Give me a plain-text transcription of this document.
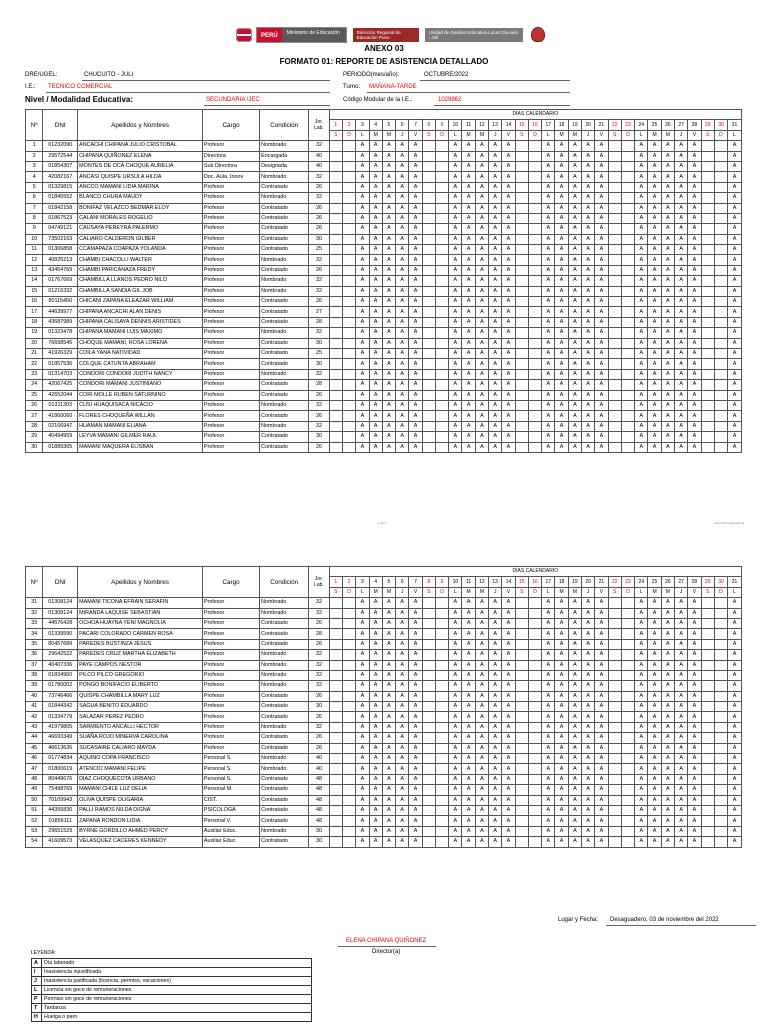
PERÚ	Ministerio de Educación	Dirección Regional de Educación Puno
Unidad de Gestión Educativa Local Chucuito - Juli
ANEXO 03
FORMATO 01: REPORTE DE ASISTENCIA DETALLADO
DRE/UGEL:	CHUCUITO - JULI
I.E.: TECNICO COMERCIAL
Nivel / Modalidad Educativa:	SECUNDARIA /JEC
PERIODO(mes/año):	OCTUBRE/2022
Turno: MAÑANA-TARDE
Código Modular de la I.E.:	1029862
Nº	DNI	Apellidos y Nombres	Cargo	Condición	Jor. Lab.	DÍAS CALENDARIO																														
						1	2	3	4	5	6	7	8	9	10	11	12	13	14	15	16	17	18	19	20	21	22	23	24	25	26	27	28	29	30	31
						S	D	L	M	M	J	V	S	D	L	M	M	J	V	S	D	L	M	M	J	V	S	D	L	M	M	J	V	S	D	L
1	01232090	ANCACHI CHIPANA JULIO CRISTOBAL	Profesor	Nombrado	32			A	A	A	A	A			A	A	A	A	A			A	A	A	A	A			A	A	A	A	A			A
2	29572544	CHIPANA QUIÑONEZ ELENA	Directora	Encargada	40			A	A	A	A	A			A	A	A	A	A			A	A	A	A	A			A	A	A	A	A			A
3	01854307	MONTES DE OCA CHOQUE AURELIA	Sub Directora	Designada	40			A	A	A	A	A			A	A	A	A	A			A	A	A	A	A			A	A	A	A	A			A
4	42082167	ANCASI QUISPE URSULA HILDA	Doc. Aula. Innov	Nombrado	32			A	A	A	A	A			A	A	A	A	A			A	A	A	A	A			A	A	A	A	A			A
5	01329815	ANCCO MAMANI LIDIA MARINA	Profesor	Contratado	26			A	A	A	A	A			A	A	A	A	A			A	A	A	A	A			A	A	A	A	A			A
6	01845552	BLANCO CHURA MAUDY	Profesor	Nombrado	32			A	A	A	A	A			A	A	A	A	A			A	A	A	A	A			A	A	A	A	A			A
7	01842158	BONIFAZ VELAZCO BEDMAR ELOY	Profesor	Contratado	26			A	A	A	A	A			A	A	A	A	A			A	A	A	A	A			A	A	A	A	A			A
8	01867523	CALANI MORALES ROGELIO	Profesor	Contratado	26			A	A	A	A	A			A	A	A	A	A			A	A	A	A	A			A	A	A	A	A			A
9	04749121	CAUSAYA PEREYRA PALERMO	Profesor	Contratado	26			A	A	A	A	A			A	A	A	A	A			A	A	A	A	A			A	A	A	A	A			A
10	73502163	CALIARO CALDERON GILBER	Profesor	Contratado	30			A	A	A	A	A			A	A	A	A	A			A	A	A	A	A			A	A	A	A	A			A
11	01306858	CCAMAPAZA COAPAZA YOLANDA	Profesor	Contratado	25			A	A	A	A	A			A	A	A	A	A			A	A	A	A	A			A	A	A	A	A			A
12	40826213	CHAMBI CHACOLLI WALTER	Profesor	Nombrado	32			A	A	A	A	A			A	A	A	A	A			A	A	A	A	A			A	A	A	A	A			A
13	43454769	CHAMBI PARICANAZA FREDY	Profesor	Contratado	26			A	A	A	A	A			A	A	A	A	A			A	A	A	A	A			A	A	A	A	A			A
14	01767669	CHAMBILLA LLANOS PEDRO NILO	Profesor	Nombrado	32			A	A	A	A	A			A	A	A	A	A			A	A	A	A	A			A	A	A	A	A			A
15	01216332	CHAMBILLA SANDIA GIL JOB	Profesor	Nombrado	32			A	A	A	A	A			A	A	A	A	A			A	A	A	A	A			A	A	A	A	A			A
16	80115450	CHICANI ZAPANA ELEAZAR WILLIAM	Profesor	Contratado	26			A	A	A	A	A			A	A	A	A	A			A	A	A	A	A			A	A	A	A	A			A
17	44639977	CHIPANA ANCACHI ALAN DENIS	Profesor	Contratado	27			A	A	A	A	A			A	A	A	A	A			A	A	A	A	A			A	A	A	A	A			A
18	43687989	CHIPANA CALISAYA DENNIS ARISTIDES	Profesor	Contratado	28			A	A	A	A	A			A	A	A	A	A			A	A	A	A	A			A	A	A	A	A			A
19	01323478	CHIPANA MAMANI LUIS MAXIMO	Profesor	Nombrado	32			A	A	A	A	A			A	A	A	A	A			A	A	A	A	A			A	A	A	A	A			A
20	76698545	CHOQUE MAMANI, ROSA LORENA	Profesor	Contratado	30			A	A	A	A	A			A	A	A	A	A			A	A	A	A	A			A	A	A	A	A			A
21	41926329	COILA YANA NATIVIDAD	Profesor	Contratado	25			A	A	A	A	A			A	A	A	A	A			A	A	A	A	A			A	A	A	A	A			A
22	01857536	COLQUE CATUNTA ABRAHAM	Profesor	Contratado	30			A	A	A	A	A			A	A	A	A	A			A	A	A	A	A			A	A	A	A	A			A
23	01314703	CONDORI CONDORI JUDITH NANCY	Profesor	Nombrado	32			A	A	A	A	A			A	A	A	A	A			A	A	A	A	A			A	A	A	A	A			A
24	42067425	CONDORI MAMANI JUSTINIANO	Profesor	Contratado	28			A	A	A	A	A			A	A	A	A	A			A	A	A	A	A			A	A	A	A	A			A
25	42652044	CORI MOLLE RUBEN SATURNINO	Profesor	Contratado	26			A	A	A	A	A			A	A	A	A	A			A	A	A	A	A			A	A	A	A	A			A
26	01311303	CUSI HUAQUISACA NICACIO	Profesor	Nombrado	32			A	A	A	A	A			A	A	A	A	A			A	A	A	A	A			A	A	A	A	A			A
27	41860060	FLORES CHOQUEÑA WILLAN	Profesor	Contratado	26			A	A	A	A	A			A	A	A	A	A			A	A	A	A	A			A	A	A	A	A			A
28	02166947	HUAMAN MAMANI ELIANA	Profesor	Nombrado	32			A	A	A	A	A			A	A	A	A	A			A	A	A	A	A			A	A	A	A	A			A
29	40494959	LEYVA MAMANI GILMER RAUL	Profesor	Contratado	30			A	A	A	A	A			A	A	A	A	A			A	A	A	A	A			A	A	A	A	A			A
30	01889305	MAMANI MAQUERA ELISBAN	Profesor	Contratado	26			A	A	A	A	A			A	A	A	A	A			A	A	A	A	A			A	A	A	A	A			A
1 de 2	Anexo 03 / Formato 01
Nº	DNI	Apellidos y Nombres	Cargo	Condición	Jor. Lab.	DÍAS CALENDARIO																														
						1	2	3	4	5	6	7	8	9	10	11	12	13	14	15	16	17	18	19	20	21	22	23	24	25	26	27	28	29	30	31
						S	D	L	M	M	J	V	S	D	L	M	M	J	V	S	D	L	M	M	J	V	S	D	L	M	M	J	V	S	D	L
31	01308124	MAMANI TICONA EFRAIN SERAFIN	Profesor	Nombrado	32			A	A	A	A	A			A	A	A	A	A			A	A	A	A	A			A	A	A	A	A			A
32	01308124	MIRANDA LAQUISE SEBASTIAN	Profesor	Nombrado	32			A	A	A	A	A			A	A	A	A	A			A	A	A	A	A			A	A	A	A	A			A
33	44576428	OCHOA HUAYNA YENI MAGNOLIA	Profesor	Contratado	26			A	A	A	A	A			A	A	A	A	A			A	A	A	A	A			A	A	A	A	A			A
34	01339590	PACARI COLORADO CARMEN ROSA	Profesor	Contratado	28			A	A	A	A	A			A	A	A	A	A			A	A	A	A	A			A	A	A	A	A			A
35	80457689	PAREDES BUSTINZA JESUS	Profesor	Contratado	26			A	A	A	A	A			A	A	A	A	A			A	A	A	A	A			A	A	A	A	A			A
36	29642522	PAREDES CRUZ MARTHA ELIZABETH	Profesor	Nombrado	32			A	A	A	A	A			A	A	A	A	A			A	A	A	A	A			A	A	A	A	A			A
37	40407336	PAYE CAMPOS NESTOR	Profesor	Nombrado	32			A	A	A	A	A			A	A	A	A	A			A	A	A	A	A			A	A	A	A	A			A
38	01834960	PILCO PILCO GREGORIO	Profesor	Nombrado	32			A	A	A	A	A			A	A	A	A	A			A	A	A	A	A			A	A	A	A	A			A
39	01780002	PONGO BONIFACIO ELIBERTO	Profesor	Nombrado	32			A	A	A	A	A			A	A	A	A	A			A	A	A	A	A			A	A	A	A	A			A
40	73746466	QUISPE CHAMBILLA MARY LUZ	Profesor	Contratado	26			A	A	A	A	A			A	A	A	A	A			A	A	A	A	A			A	A	A	A	A			A
41	01844342	SAGUA BENITO EDUARDO	Profesor	Contratado	30			A	A	A	A	A			A	A	A	A	A			A	A	A	A	A			A	A	A	A	A			A
42	01334779	SALAZAR PEREZ PEDRO	Profesor	Contratado	26			A	A	A	A	A			A	A	A	A	A			A	A	A	A	A			A	A	A	A	A			A
43	41979805	SARMIENTO ANCALLI HECTOR	Profesor	Nombrado	32			A	A	A	A	A			A	A	A	A	A			A	A	A	A	A			A	A	A	A	A			A
44	46693349	SUAÑA ROJO MINERVA CAROLINA	Profesor	Contratado	26			A	A	A	A	A			A	A	A	A	A			A	A	A	A	A			A	A	A	A	A			A
45	46613636	SUCASAIRE CALIARO MAYDA	Profesor	Contratado	26			A	A	A	A	A			A	A	A	A	A			A	A	A	A	A			A	A	A	A	A			A
46	01774834	AQUINO COPA FRANCISCO	Personal S.	Nombrado	40			A	A	A	A	A			A	A	A	A	A			A	A	A	A	A			A	A	A	A	A			A
47	01800619	ATENCIO MAMANI FELIPE	Personal S.	Nombrado	40			A	A	A	A	A			A	A	A	A	A			A	A	A	A	A			A	A	A	A	A			A
48	80449676	DIAZ CHOQUECOTA URBANO	Personal S.	Contratado	48			A	A	A	A	A			A	A	A	A	A			A	A	A	A	A			A	A	A	A	A			A
49	75498769	MAMANI CHILE LUZ DELIA	Personal M.	Contratado	48			A	A	A	A	A			A	A	A	A	A			A	A	A	A	A			A	A	A	A	A			A
50	70109943	OLIVA QUISPE OLIGARIA	CIST.	Contratado	48			A	A	A	A	A			A	A	A	A	A			A	A	A	A	A			A	A	A	A	A			A
51	44355830	PALLI RAMOS NILDA DIGNA	PSICOLOGA	Contratado	48			A	A	A	A	A			A	A	A	A	A			A	A	A	A	A			A	A	A	A	A			A
52	01856111	ZAPANA RONDON LIDIA	Personal V.	Contratado	48			A	A	A	A	A			A	A	A	A	A			A	A	A	A	A			A	A	A	A	A			A
53	29651529	BYRNE GORDILLO AHMED PERCY	Auxiliar Educ.	Nombrado	30			A	A	A	A	A			A	A	A	A	A			A	A	A	A	A			A	A	A	A	A			A
54	41609573	VELASQUEZ CACERES KENNEDY	Auxiliar Educ.	Contratado	30			A	A	A	A	A			A	A	A	A	A			A	A	A	A	A			A	A	A	A	A			A
Lugar y Fecha: Desaguadero, 03 de noviembre del 2022
ELENA CHIPANA QUIÑONEZ
Director(a)
LEYENDA:
A	Día laborado
I	Inasistencia injustificada
J	Inasistencia justificada (licencia, permiso, vacaciones)
L	Licencia sin goce de remuneraciones
P	Permiso sin goce de remuneraciones
T	Tardanza
H	Huelga o paro
